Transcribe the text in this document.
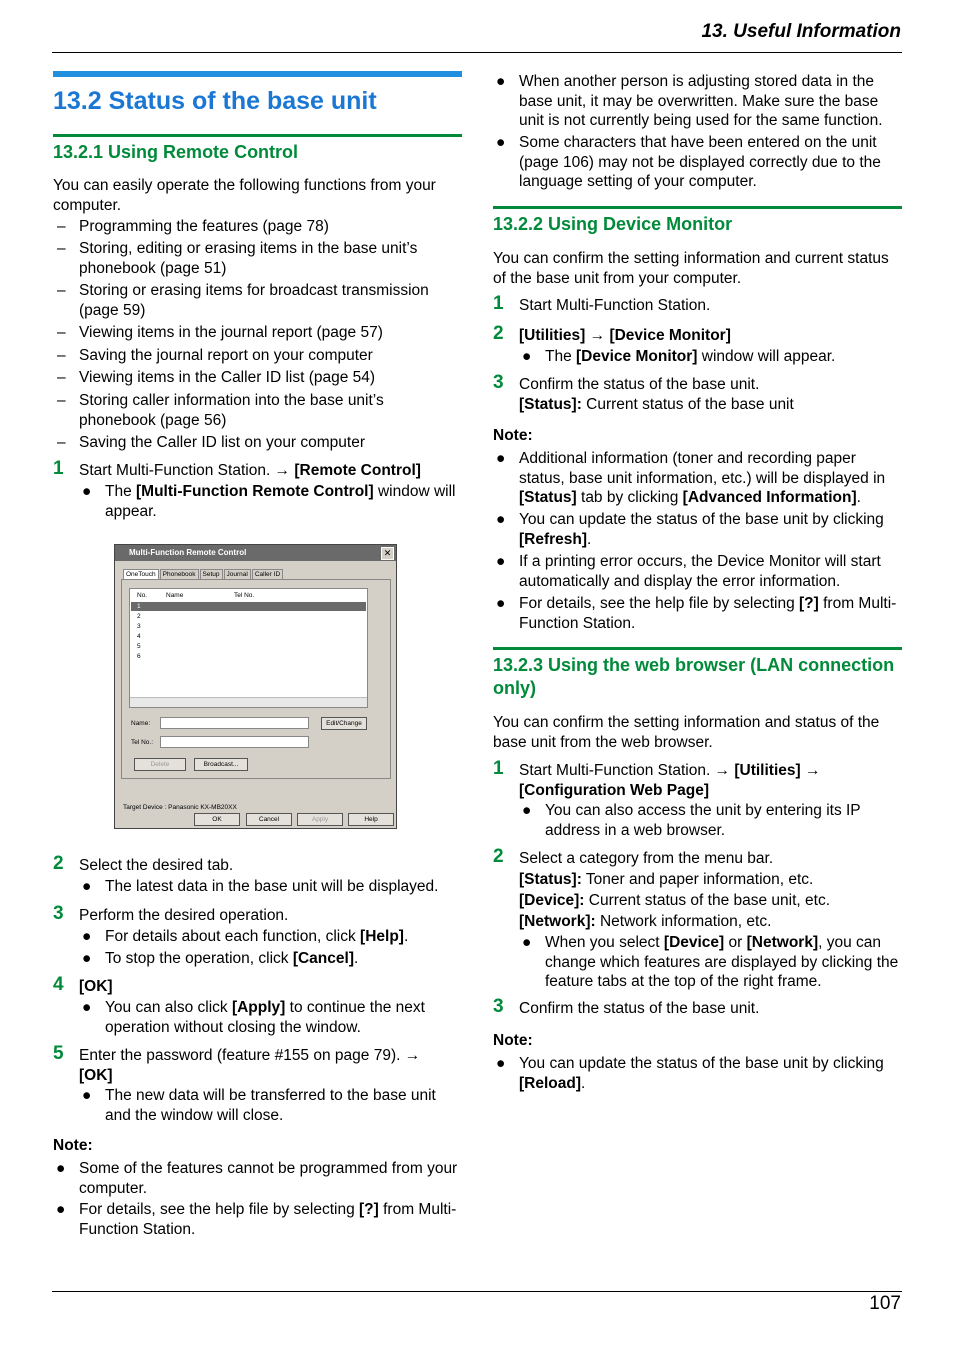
13. Useful Information
13.2 Status of the base unit
13.2.1 Using Remote Control
You can easily operate the following functions from your computer.
– Programming the features (page 78)
– Storing, editing or erasing items in the base unit’s phonebook (page 51)
– Storing or erasing items for broadcast transmission (page 59)
– Viewing items in the journal report (page 57)
– Saving the journal report on your computer
– Viewing items in the Caller ID list (page 54)
– Storing caller information into the base unit’s phonebook (page 56)
– Saving the Caller ID list on your computer
1 Start Multi-Function Station. → [Remote Control]
● The [Multi-Function Remote Control] window will appear.
2 Select the desired tab.
● The latest data in the base unit will be displayed.
3 Perform the desired operation.
● For details about each function, click [Help].
● To stop the operation, click [Cancel].
4 [OK]
● You can also click [Apply] to continue the next operation without closing the window.
5 Enter the password (feature #155 on page 79). →
[OK]
● The new data will be transferred to the base unit and the window will close.
Note:
● Some of the features cannot be programmed from your computer.
● For details, see the help file by selecting [?] from Multi-Function Station.
Multi-Function Remote Control	✕
OneTouch Phonebook Setup Journal Caller ID
No.	Name	Tel No.
1
2
3
4
5
6
Name:	Edit/Change
Tel No.:
Delete	Broadcast...
Target Device : Panasonic KX-MB20XX
OK	Cancel	Apply	Help
● When another person is adjusting stored data in the base unit, it may be overwritten. Make sure the base unit is not currently being used for the same function.
● Some characters that have been entered on the unit (page 106) may not be displayed correctly due to the language setting of your computer.
13.2.2 Using Device Monitor
You can confirm the setting information and current status of the base unit from your computer.
1 Start Multi-Function Station.
2 [Utilities] → [Device Monitor]
● The [Device Monitor] window will appear.
3 Confirm the status of the base unit.
[Status]: Current status of the base unit
Note:
● Additional information (toner and recording paper status, base unit information, etc.) will be displayed in [Status] tab by clicking [Advanced Information].
● You can update the status of the base unit by clicking [Refresh].
● If a printing error occurs, the Device Monitor will start automatically and display the error information.
● For details, see the help file by selecting [?] from Multi-Function Station.
13.2.3 Using the web browser (LAN connection only)
You can confirm the setting information and status of the base unit from the web browser.
1 Start Multi-Function Station. → [Utilities] →
[Configuration Web Page]
● You can also access the unit by entering its IP address in a web browser.
2 Select a category from the menu bar.
[Status]: Toner and paper information, etc.
[Device]: Current status of the base unit, etc.
[Network]: Network information, etc.
● When you select [Device] or [Network], you can change which features are displayed by clicking the feature tabs at the top of the right frame.
3 Confirm the status of the base unit.
Note:
● You can update the status of the base unit by clicking [Reload].
107
